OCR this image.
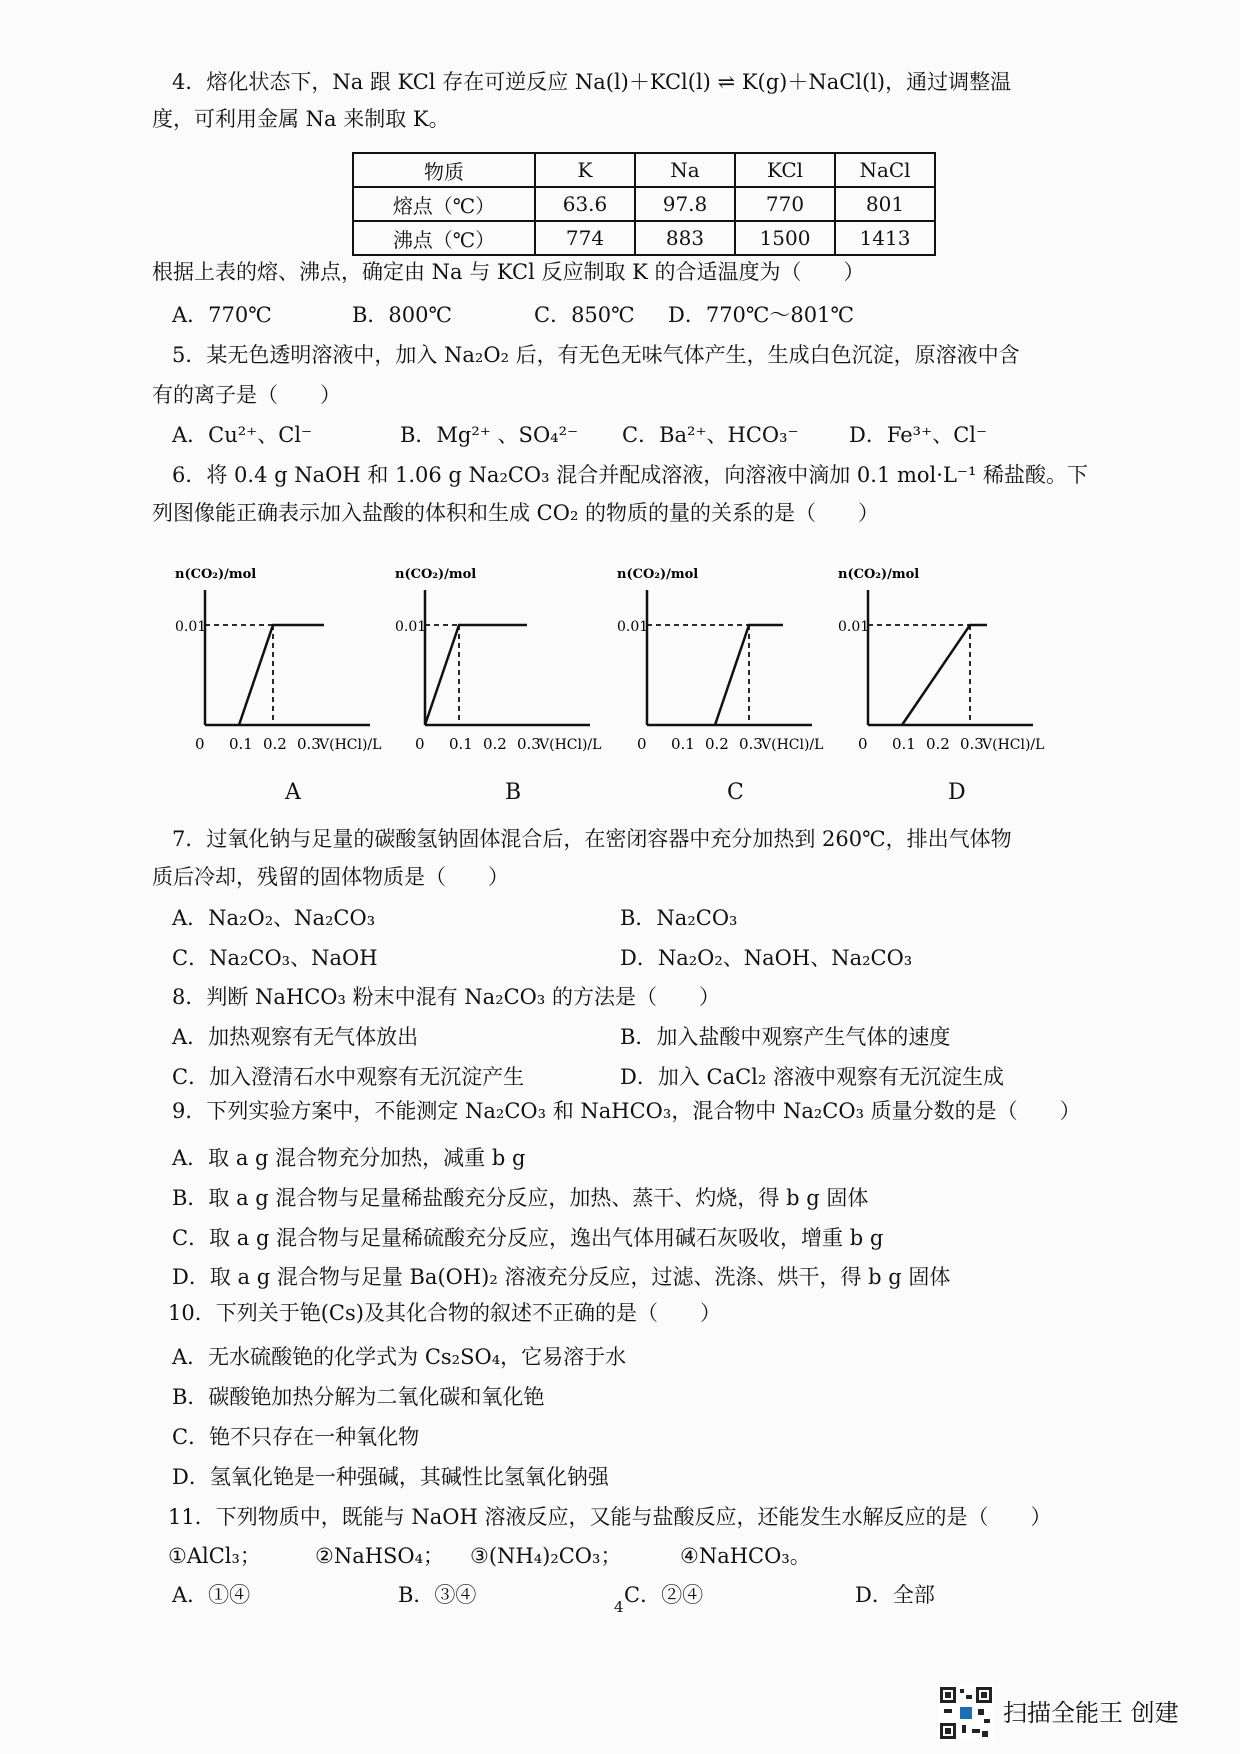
4．熔化状态下，Na 跟 KCl 存在可逆反应 Na(l)＋KCl(l) ⇌ K(g)＋NaCl(l)，通过调整温
度，可利用金属 Na 来制取 K。
物质	K	Na	KCl	NaCl
熔点（℃）	63.6	97.8	770	801
沸点（℃）	774	883	1500	1413
根据上表的熔、沸点，确定由 Na 与 KCl 反应制取 K 的合适温度为（　　）
A．770℃	B．800℃	C．850℃ D．770℃～801℃
5．某无色透明溶液中，加入 Na₂O₂ 后，有无色无味气体产生，生成白色沉淀，原溶液中含
有的离子是（　　）
A．Cu²⁺、Cl⁻	B．Mg²⁺ 、SO₄²⁻ C．Ba²⁺、HCO₃⁻ D．Fe³⁺、Cl⁻
6．将 0.4 g NaOH 和 1.06 g Na₂CO₃ 混合并配成溶液，向溶液中滴加 0.1 mol·L⁻¹ 稀盐酸。下
列图像能正确表示加入盐酸的体积和生成 CO₂ 的物质的量的关系的是（　　）
n(CO₂)/mol
0.01
0 0.1 0.2 0.3
V(HCl)/L
A
n(CO₂)/mol
0.01
0 0.1 0.2 0.3
V(HCl)/L
B
n(CO₂)/mol
0.01
0 0.1 0.2 0.3
V(HCl)/L
C
n(CO₂)/mol
0.01
0 0.1 0.2 0.3
V(HCl)/L
D
7．过氧化钠与足量的碳酸氢钠固体混合后，在密闭容器中充分加热到 260℃，排出气体物
质后冷却，残留的固体物质是（　　）
A．Na₂O₂、Na₂CO₃	B．Na₂CO₃
C．Na₂CO₃、NaOH	D．Na₂O₂、NaOH、Na₂CO₃
8．判断 NaHCO₃ 粉末中混有 Na₂CO₃ 的方法是（　　）
A．加热观察有无气体放出	B．加入盐酸中观察产生气体的速度
C．加入澄清石水中观察有无沉淀产生	D．加入 CaCl₂ 溶液中观察有无沉淀生成
9．下列实验方案中，不能测定 Na₂CO₃ 和 NaHCO₃，混合物中 Na₂CO₃ 质量分数的是（　　）
A．取 a g 混合物充分加热，减重 b g
B．取 a g 混合物与足量稀盐酸充分反应，加热、蒸干、灼烧，得 b g 固体
C．取 a g 混合物与足量稀硫酸充分反应，逸出气体用碱石灰吸收，增重 b g
D．取 a g 混合物与足量 Ba(OH)₂ 溶液充分反应，过滤、洗涤、烘干，得 b g 固体
10．下列关于铯(Cs)及其化合物的叙述不正确的是（　　）
A．无水硫酸铯的化学式为 Cs₂SO₄，它易溶于水
B．碳酸铯加热分解为二氧化碳和氧化铯
C．铯不只存在一种氧化物
D．氢氧化铯是一种强碱，其碱性比氢氧化钠强
11．下列物质中，既能与 NaOH 溶液反应，又能与盐酸反应，还能发生水解反应的是（　　）
①AlCl₃；	②NaHSO₄； ③(NH₄)₂CO₃；	④NaHCO₃。
A．①④	B．③④	C．②④	D．全部
4
扫描全能王 创建
